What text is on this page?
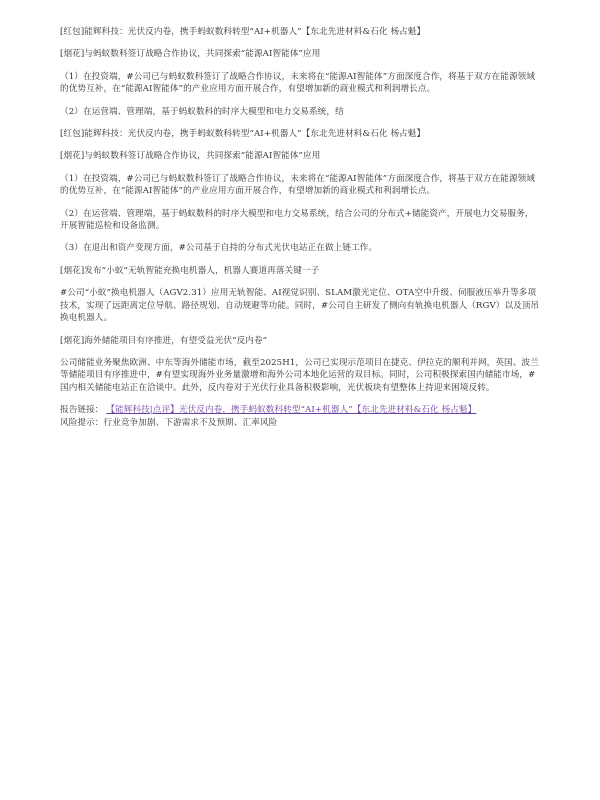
[红包]能辉科技：光伏反内卷，携手蚂蚁数科转型“AI+机器人”【东北先进材料&石化 杨占魁】

[烟花]与蚂蚁数科签订战略合作协议，共同探索“能源AI智能体”应用

（1）在投资端，#公司已与蚂蚁数科签订了战略合作协议，未来将在“能源AI智能体”方面深度合作，将基于双方在能源领域的优势互补，在“能源AI智能体”的产业应用方面开展合作，有望增加新的商业模式和利润增长点。

（2）在运营端、管理端，基于蚂蚁数科的时序大模型和电力交易系统，结

[红包]能辉科技：光伏反内卷，携手蚂蚁数科转型“AI+机器人”【东北先进材料&石化 杨占魁】

[烟花]与蚂蚁数科签订战略合作协议，共同探索“能源AI智能体”应用

（1）在投资端，#公司已与蚂蚁数科签订了战略合作协议，未来将在“能源AI智能体”方面深度合作，将基于双方在能源领域的优势互补，在“能源AI智能体”的产业应用方面开展合作，有望增加新的商业模式和利润增长点。

（2）在运营端、管理端，基于蚂蚁数科的时序大模型和电力交易系统，结合公司的分布式+储能资产，开展电力交易服务，开展智能巡检和设备监测。

（3）在退出和资产变现方面，#公司基于自持的分布式光伏电站正在做上链工作。

[烟花]发布“小蚁”无轨智能充换电机器人，机器人赛道再落关键一子

#公司“小蚁”换电机器人（AGV2.31）应用无轨智能、AI视觉识别、SLAM激光定位、OTA空中升级、伺服液压举升等多项技术，实现了远距离定位导航、路径规划、自动规避等功能。同时，#公司自主研发了侧向有轨换电机器人（RGV）以及顶吊换电机器人。

[烟花]海外储能项目有序推进，有望受益光伏“反内卷”

公司储能业务聚焦欧洲、中东等海外储能市场，截至2025H1，公司已实现示范项目在捷克、伊拉克的顺利并网，英国、波兰等储能项目有序推进中，#有望实现海外业务量激增和海外公司本地化运营的双目标。同时，公司积极探索国内储能市场，#国内相关储能电站正在洽谈中。此外，反内卷对于光伏行业具备积极影响，光伏板块有望整体上持迎来困境反转。

报告链接： 【能辉科技|点评】光伏反内卷，携手蚂蚁数科转型“AI+机器人”【东北先进材料&石化 杨占魁】

风险提示：行业竞争加剧、下游需求不及预期、汇率风险
